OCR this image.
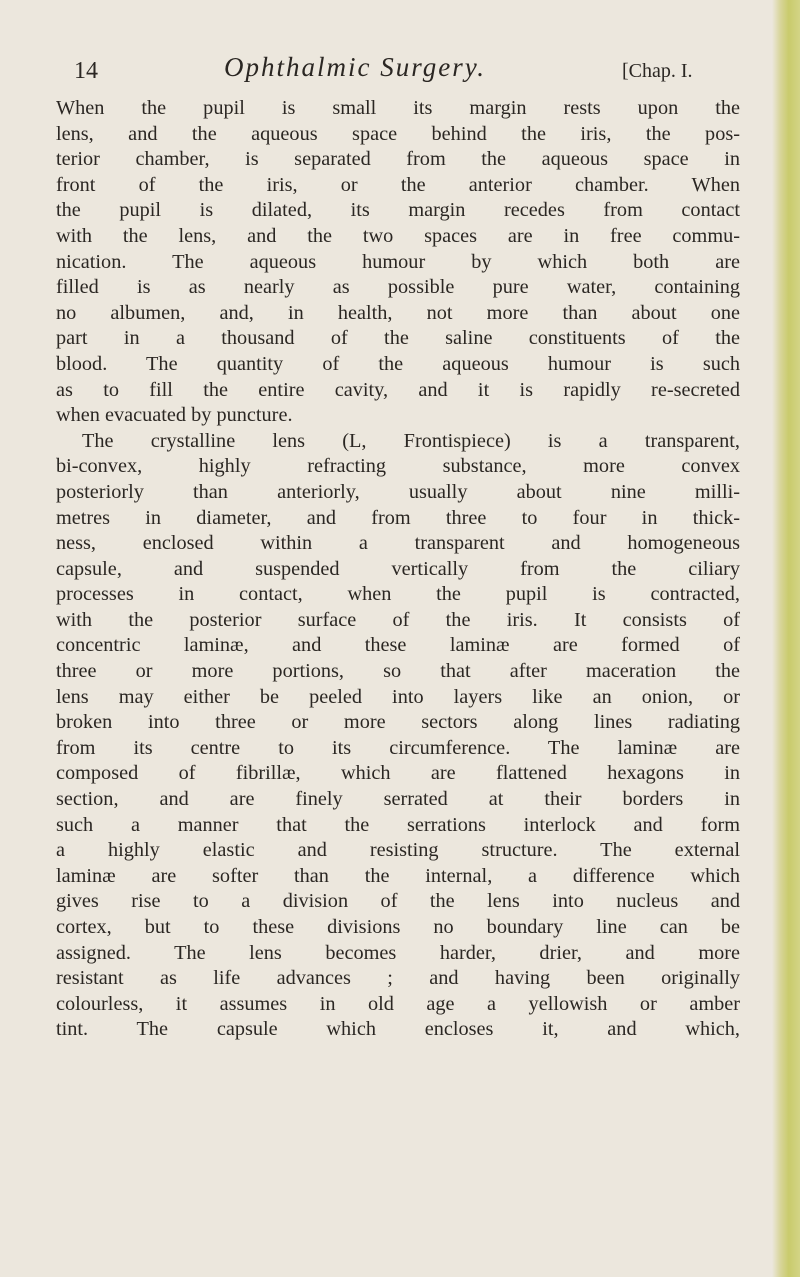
14	Ophthalmic Surgery.	[Chap. I.
When the pupil is small its margin rests upon the
lens, and the aqueous space behind the iris, the pos-
terior chamber, is separated from the aqueous space in
front of the iris, or the anterior chamber. When
the pupil is dilated, its margin recedes from contact
with the lens, and the two spaces are in free commu-
nication. The aqueous humour by which both are
filled is as nearly as possible pure water, containing
no albumen, and, in health, not more than about one
part in a thousand of the saline constituents of the
blood. The quantity of the aqueous humour is such
as to fill the entire cavity, and it is rapidly re-secreted
when evacuated by puncture.
The crystalline lens (L, Frontispiece) is a transparent,
bi-convex, highly refracting substance, more convex
posteriorly than anteriorly, usually about nine milli-
metres in diameter, and from three to four in thick-
ness, enclosed within a transparent and homogeneous
capsule, and suspended vertically from the ciliary
processes in contact, when the pupil is contracted,
with the posterior surface of the iris. It consists of
concentric laminæ, and these laminæ are formed of
three or more portions, so that after maceration the
lens may either be peeled into layers like an onion, or
broken into three or more sectors along lines radiating
from its centre to its circumference. The laminæ are
composed of fibrillæ, which are flattened hexagons in
section, and are finely serrated at their borders in
such a manner that the serrations interlock and form
a highly elastic and resisting structure. The external
laminæ are softer than the internal, a difference which
gives rise to a division of the lens into nucleus and
cortex, but to these divisions no boundary line can be
assigned. The lens becomes harder, drier, and more
resistant as life advances ; and having been originally
colourless, it assumes in old age a yellowish or amber
tint. The capsule which encloses it, and which,
